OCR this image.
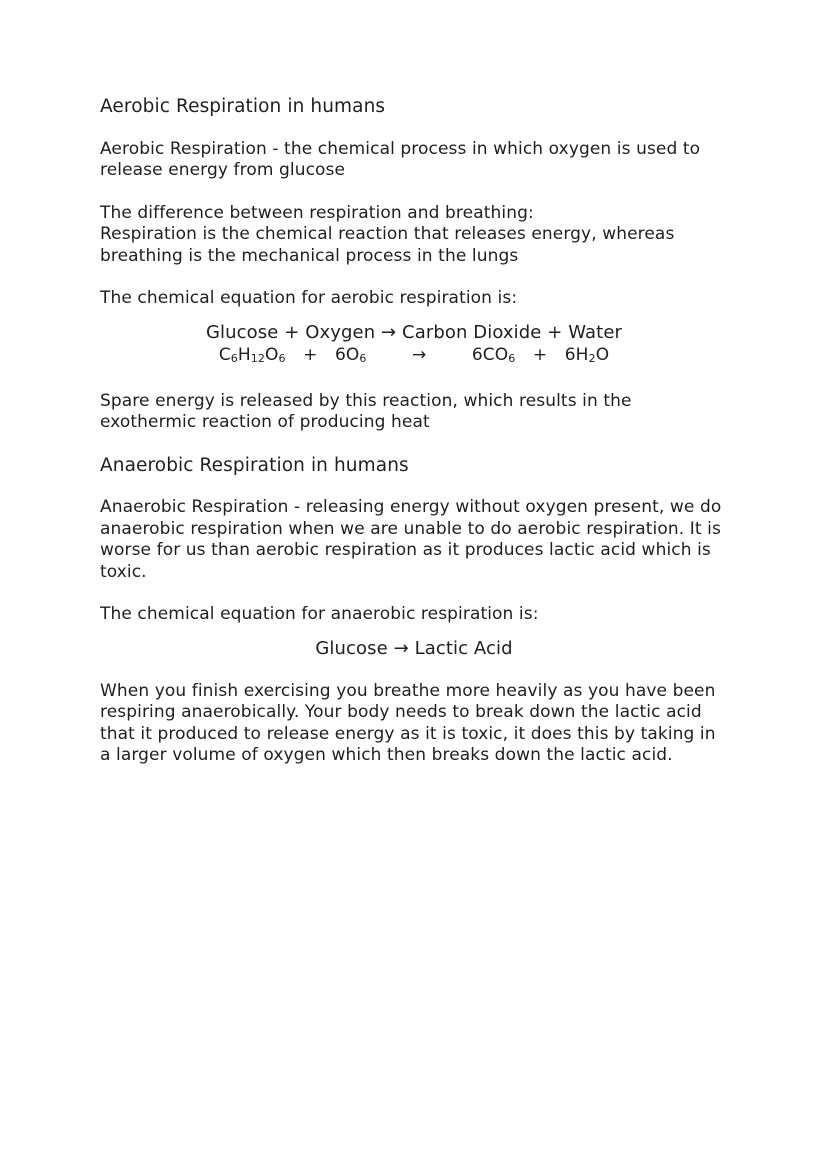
Aerobic Respiration in humans
Aerobic Respiration - the chemical process in which oxygen is used to
release energy from glucose
The difference between respiration and breathing:
Respiration is the chemical reaction that releases energy, whereas
breathing is the mechanical process in the lungs
The chemical equation for aerobic respiration is:
Glucose + Oxygen → Carbon Dioxide + Water
$C_6H_{12}O_6 + 6O_6$	→	$6CO_6 + 6H_2O$
Spare energy is released by this reaction, which results in the
exothermic reaction of producing heat
Anaerobic Respiration in humans
Anaerobic Respiration - releasing energy without oxygen present, we do
anaerobic respiration when we are unable to do aerobic respiration. It is
worse for us than aerobic respiration as it produces lactic acid which is
toxic.
The chemical equation for anaerobic respiration is:
Glucose → Lactic Acid
When you finish exercising you breathe more heavily as you have been
respiring anaerobically. Your body needs to break down the lactic acid
that it produced to release energy as it is toxic, it does this by taking in
a larger volume of oxygen which then breaks down the lactic acid.
